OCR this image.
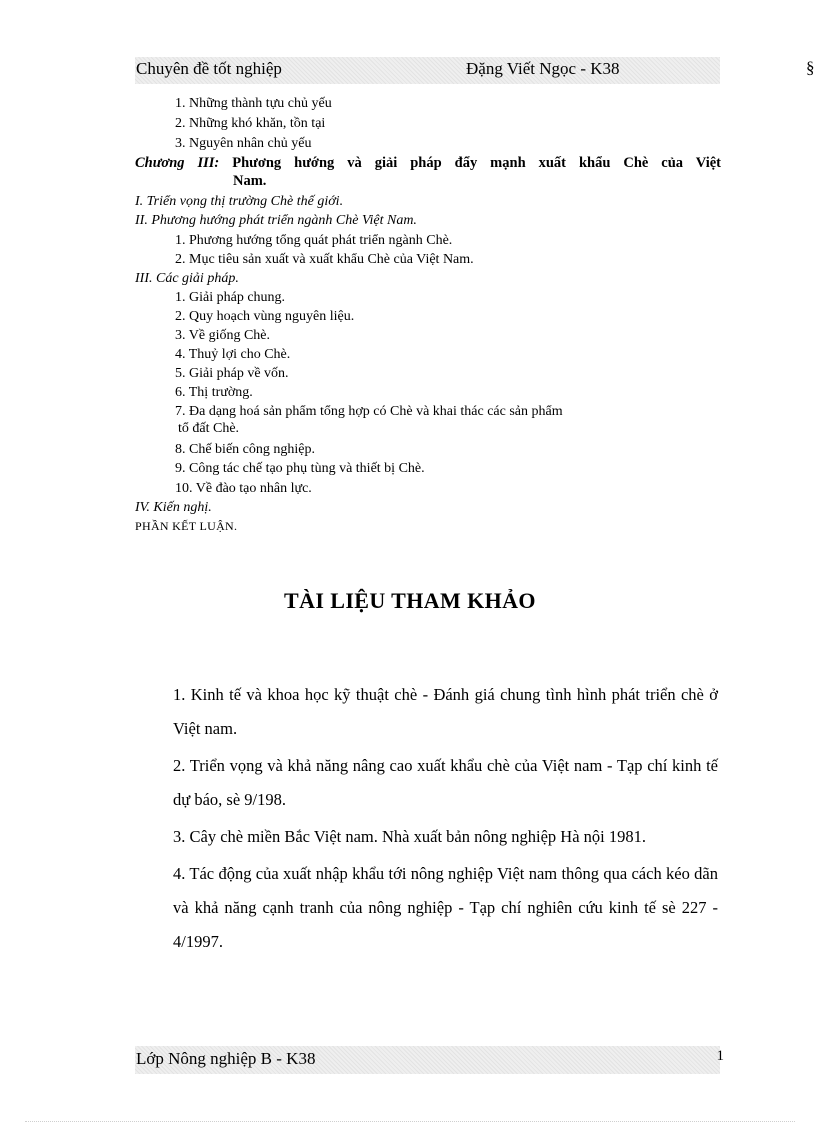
Chuyên đề tốt nghiệp	Đặng Viết Ngọc - K38	§
1. Những thành tựu chủ yếu
2. Những khó khăn, tồn tại
3. Nguyên nhân chủ yếu
Chương III: Phương hướng và giải pháp đẩy mạnh xuất khẩu Chè của Việt
Nam.
I. Triển vọng thị trường Chè thế giới.
II. Phương hướng phát triển ngành Chè Việt Nam.
1. Phương hướng tổng quát phát triển ngành Chè.
2. Mục tiêu sản xuất và xuất khẩu Chè của Việt Nam.
III. Các giải pháp.
1. Giải pháp chung.
2. Quy hoạch vùng nguyên liệu.
3. Về giống Chè.
4. Thuỷ lợi cho Chè.
5. Giải pháp về vốn.
6. Thị trường.
7. Đa dạng hoá sản phẩm tổng hợp có Chè và khai thác các sản phẩm
tổ đất Chè.
8. Chế biến công nghiệp.
9. Công tác chế tạo phụ tùng và thiết bị Chè.
10. Về đào tạo nhân lực.
IV. Kiến nghị.
PHẦN KẾT LUẬN.
TÀI LIỆU THAM KHẢO

1. Kinh tế và khoa học kỹ thuật chè - Đánh giá chung tình hình phát triển chè ở Việt nam.

2. Triển vọng và khả năng nâng cao xuất khẩu chè của Việt nam - Tạp chí kinh tế dự báo, sè 9/198.

3. Cây chè miền Bắc Việt nam. Nhà xuất bản nông nghiệp Hà nội 1981.

4. Tác động của xuất nhập khẩu tới nông nghiệp Việt nam thông qua cách kéo dãn và khả năng cạnh tranh của nông nghiệp - Tạp chí nghiên cứu kinh tế sè 227 - 4/1997.

Lớp Nông nghiệp B - K38	1
